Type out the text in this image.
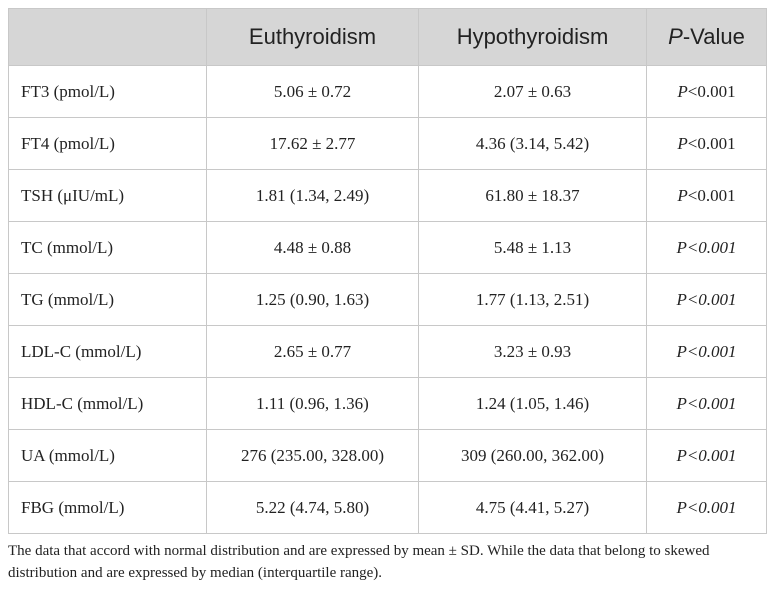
	Euthyroidism	Hypothyroidism	P-Value
FT3 (pmol/L)	5.06 ± 0.72	2.07 ± 0.63	P<0.001
FT4 (pmol/L)	17.62 ± 2.77	4.36 (3.14, 5.42)	P<0.001
TSH (μIU/mL)	1.81 (1.34, 2.49)	61.80 ± 18.37	P<0.001
TC (mmol/L)	4.48 ± 0.88	5.48 ± 1.13	P<0.001
TG (mmol/L)	1.25 (0.90, 1.63)	1.77 (1.13, 2.51)	P<0.001
LDL-C (mmol/L)	2.65 ± 0.77	3.23 ± 0.93	P<0.001
HDL-C (mmol/L)	1.11 (0.96, 1.36)	1.24 (1.05, 1.46)	P<0.001
UA (mmol/L)	276 (235.00, 328.00)	309 (260.00, 362.00)	P<0.001
FBG (mmol/L)	5.22 (4.74, 5.80)	4.75 (4.41, 5.27)	P<0.001

The data that accord with normal distribution and are expressed by mean ± SD. While the data that belong to skewed distribution and are expressed by median (interquartile range).
